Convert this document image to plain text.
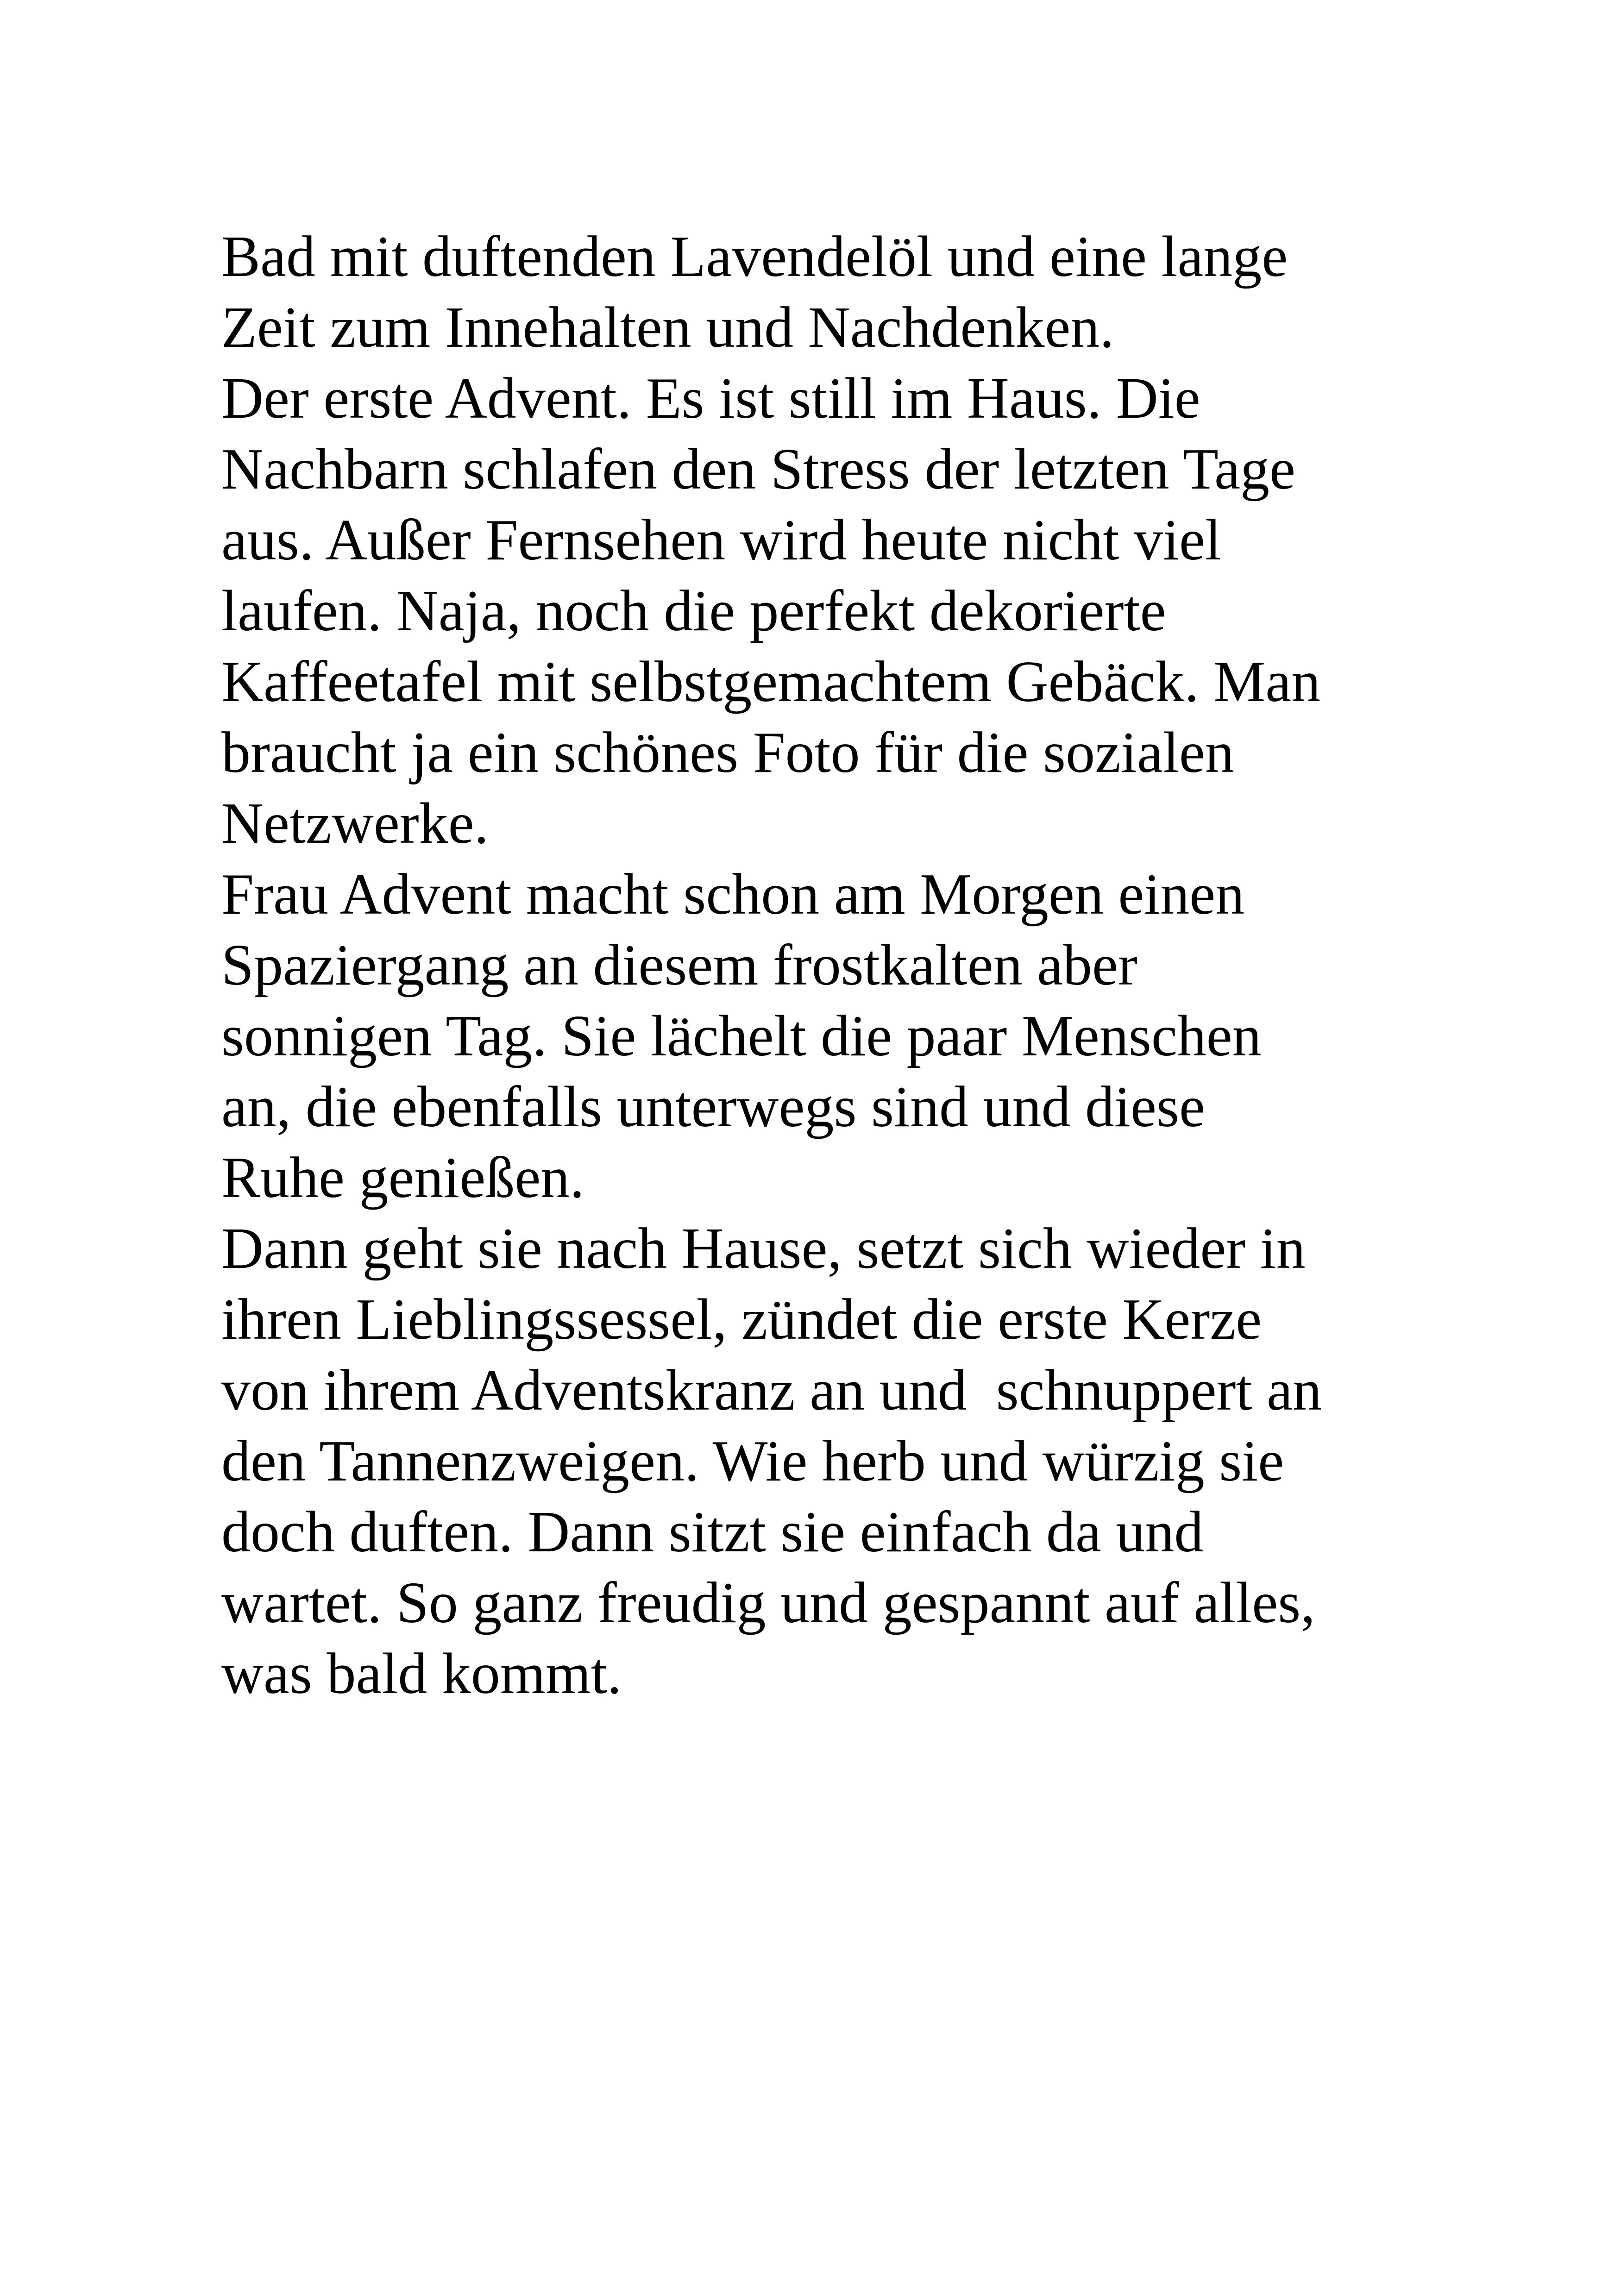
Bad mit duftenden Lavendelöl und eine lange
Zeit zum Innehalten und Nachdenken.
Der erste Advent. Es ist still im Haus. Die
Nachbarn schlafen den Stress der letzten Tage
aus. Außer Fernsehen wird heute nicht viel
laufen. Naja, noch die perfekt dekorierte
Kaffeetafel mit selbstgemachtem Gebäck. Man
braucht ja ein schönes Foto für die sozialen
Netzwerke.
Frau Advent macht schon am Morgen einen
Spaziergang an diesem frostkalten aber
sonnigen Tag. Sie lächelt die paar Menschen
an, die ebenfalls unterwegs sind und diese
Ruhe genießen.
Dann geht sie nach Hause, setzt sich wieder in
ihren Lieblingssessel, zündet die erste Kerze
von ihrem Adventskranz an und  schnuppert an
den Tannenzweigen. Wie herb und würzig sie
doch duften. Dann sitzt sie einfach da und
wartet. So ganz freudig und gespannt auf alles,
was bald kommt.
